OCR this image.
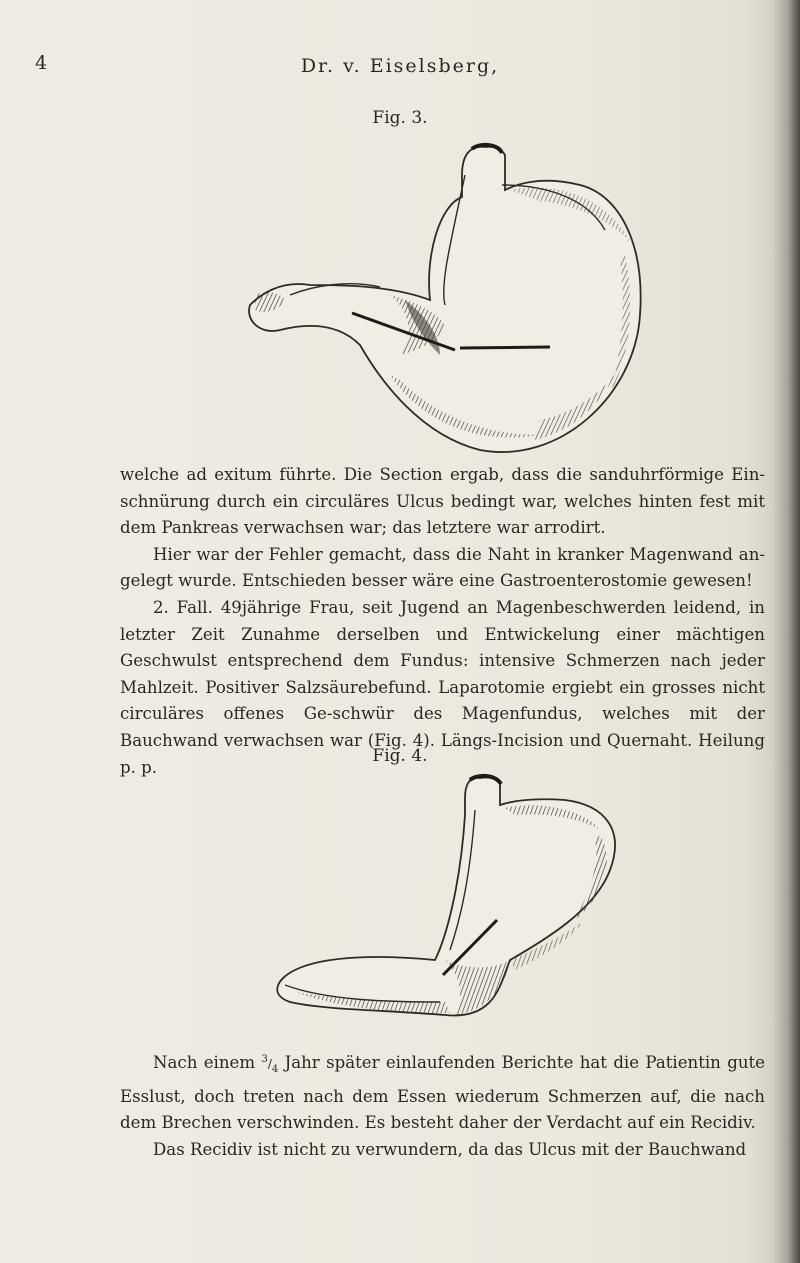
4	Dr. v. Eiselsberg,
Fig. 3.

welche ad exitum führte. Die Section ergab, dass die sanduhrförmige Ein-schnürung durch ein circuläres Ulcus bedingt war, welches hinten fest mit dem Pankreas verwachsen war; das letztere war arrodirt.

Hier war der Fehler gemacht, dass die Naht in kranker Magenwand an-gelegt wurde. Entschieden besser wäre eine Gastroenterostomie gewesen!

2. Fall. 49jährige Frau, seit Jugend an Magenbeschwerden leidend, in letzter Zeit Zunahme derselben und Entwickelung einer mächtigen Geschwulst entsprechend dem Fundus: intensive Schmerzen nach jeder Mahlzeit. Positiver Salzsäurebefund. Laparotomie ergiebt ein grosses nicht circuläres offenes Ge-schwür des Magenfundus, welches mit der Bauchwand verwachsen war (Fig. 4). Längs-Incision und Quernaht. Heilung p. p.

Fig. 4.

Nach einem $^3/_4$ Jahr später einlaufenden Berichte hat die Patientin gute Esslust, doch treten nach dem Essen wiederum Schmerzen auf, die nach dem Brechen verschwinden. Es besteht daher der Verdacht auf ein Recidiv.

Das Recidiv ist nicht zu verwundern, da das Ulcus mit der Bauchwand
